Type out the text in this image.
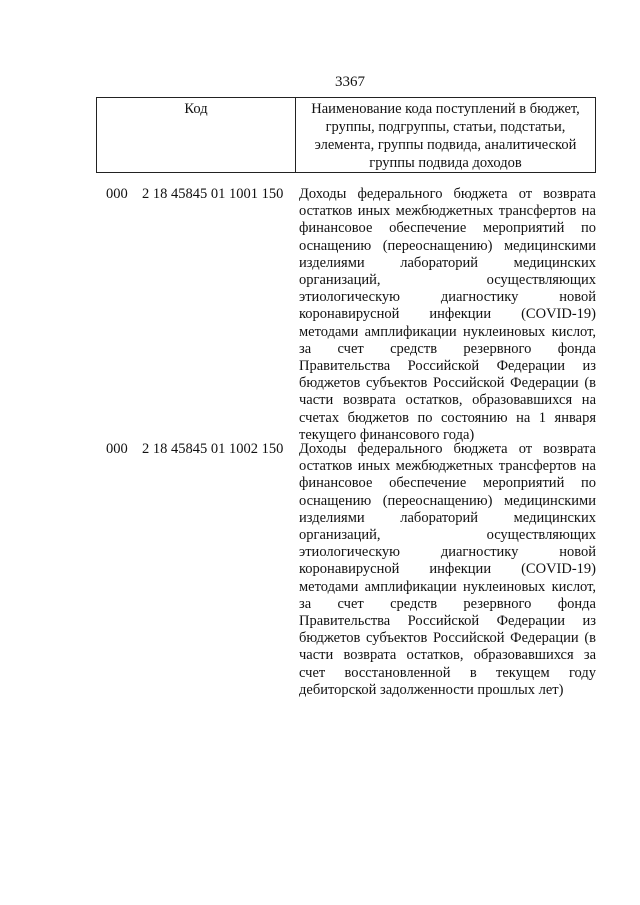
3367
Код	Наименование кода поступлений в бюджет, группы, подгруппы, статьи, подстатьи, элемента, группы подвида, аналитической группы подвида доходов
000 2 18 45845 01 1001 150 Доходы федерального бюджета от возврата остатков иных межбюджетных трансфертов на финансовое обеспечение мероприятий по оснащению (переоснащению) медицинскими изделиями лабораторий медицинских организаций, осуществляющих этиологическую диагностику новой коронавирусной инфекции (COVID-19) методами амплификации нуклеиновых кислот, за счет средств резервного фонда Правительства Российской Федерации из бюджетов субъектов Российской Федерации (в части возврата остатков, образовавшихся на счетах бюджетов по состоянию на 1 января текущего финансового года)

000 2 18 45845 01 1002 150 Доходы федерального бюджета от возврата остатков иных межбюджетных трансфертов на финансовое обеспечение мероприятий по оснащению (переоснащению) медицинскими изделиями лабораторий медицинских организаций, осуществляющих этиологическую диагностику новой коронавирусной инфекции (COVID-19) методами амплификации нуклеиновых кислот, за счет средств резервного фонда Правительства Российской Федерации из бюджетов субъектов Российской Федерации (в части возврата остатков, образовавшихся за счет восстановленной в текущем году дебиторской задолженности прошлых лет)
